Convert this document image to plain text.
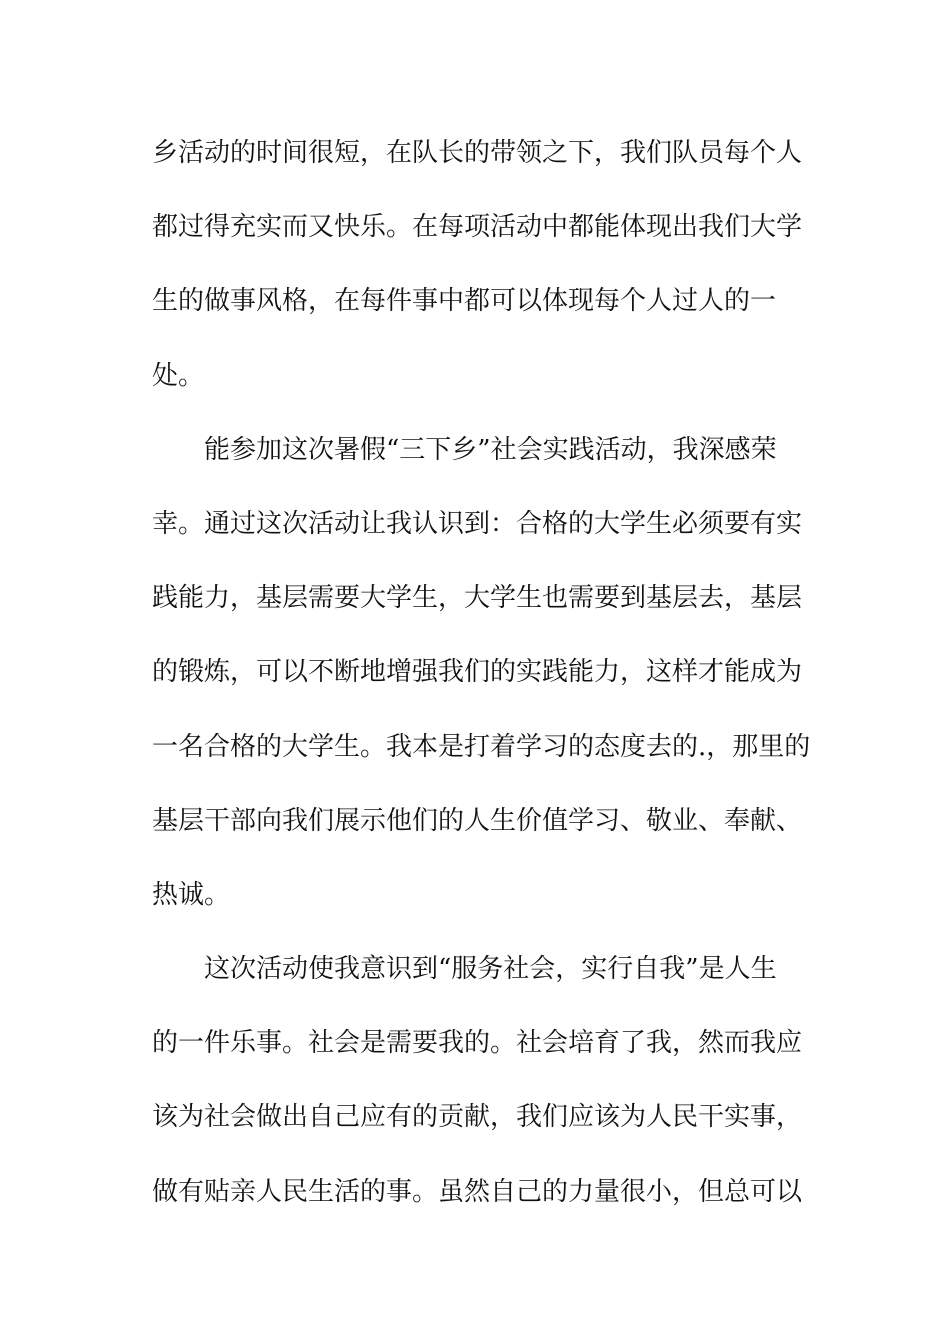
乡活动的时间很短，在队长的带领之下，我们队员每个人
都过得充实而又快乐。在每项活动中都能体现出我们大学
生的做事风格，在每件事中都可以体现每个人过人的一
处。
能参加这次暑假“三下乡”社会实践活动，我深感荣
幸。通过这次活动让我认识到：合格的大学生必须要有实
践能力，基层需要大学生，大学生也需要到基层去，基层
的锻炼，可以不断地增强我们的实践能力，这样才能成为
一名合格的大学生。我本是打着学习的态度去的.，那里的
基层干部向我们展示他们的人生价值学习、敬业、奉献、
热诚。
这次活动使我意识到“服务社会，实行自我”是人生
的一件乐事。社会是需要我的。社会培育了我，然而我应
该为社会做出自己应有的贡献，我们应该为人民干实事，
做有贴亲人民生活的事。虽然自己的力量很小，但总可以
